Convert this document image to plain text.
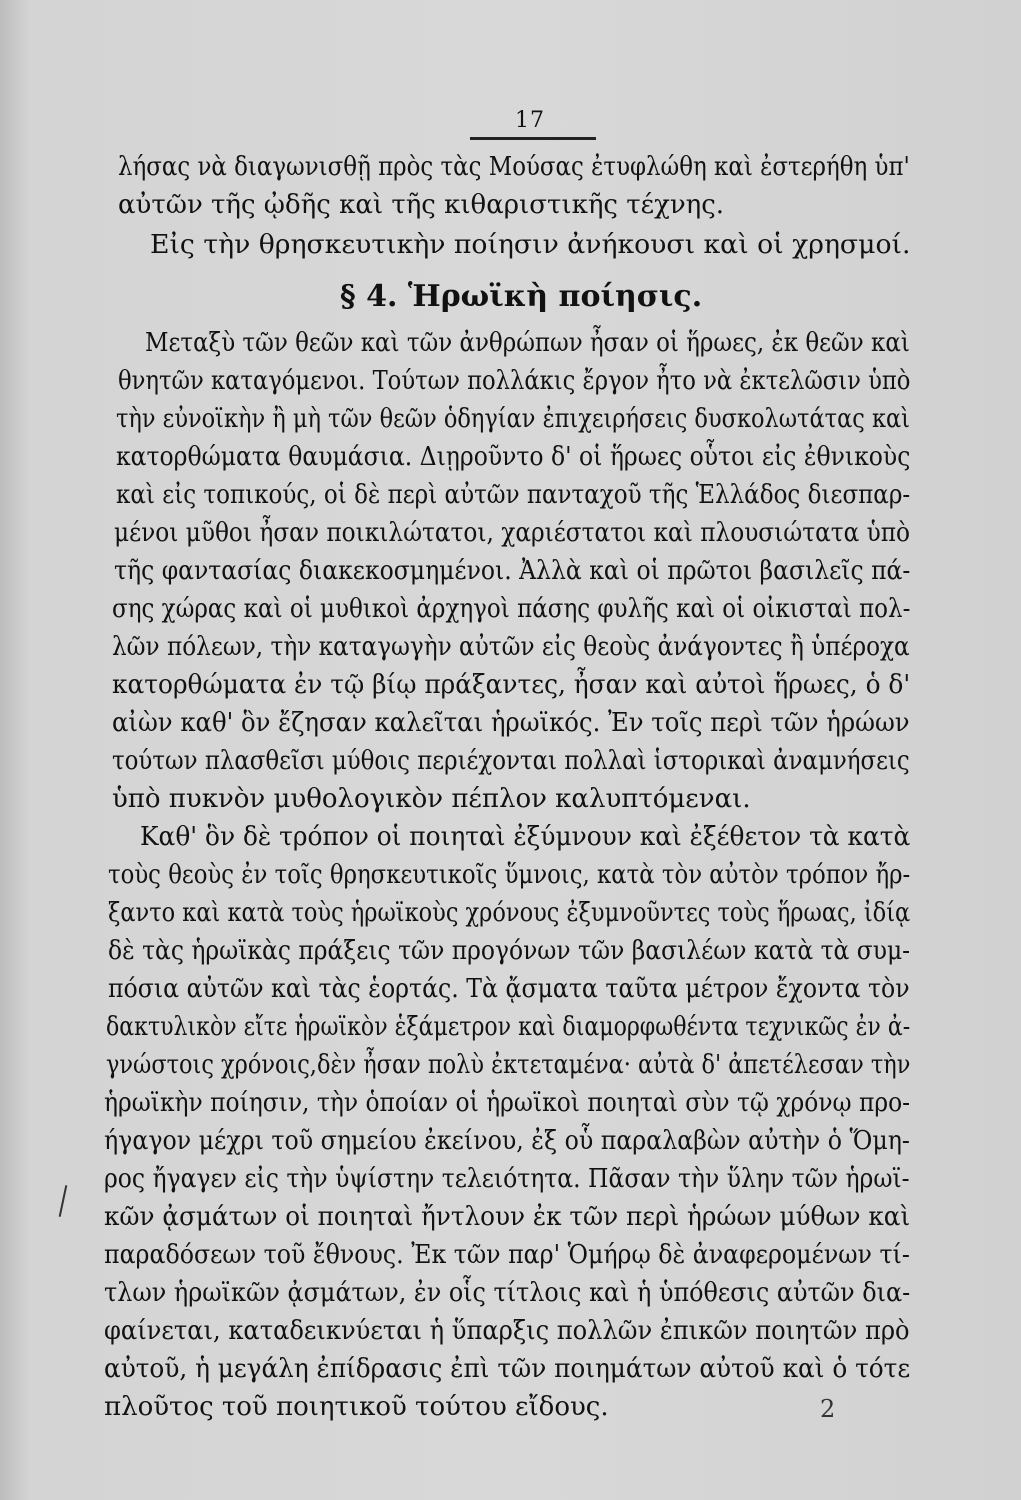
17
λήσας νὰ διαγωνισθῇ πρὸς τὰς Μούσας ἐτυφλώθη καὶ ἐστερήθη ὑπ'
αὐτῶν τῆς ᾠδῆς καὶ τῆς κιθαριστικῆς τέχνης.
Εἰς τὴν θρησκευτικὴν ποίησιν ἀνήκουσι καὶ οἱ χρησμοί.
§ 4. Ἡρωϊκὴ ποίησις.
Μεταξὺ τῶν θεῶν καὶ τῶν ἀνθρώπων ἦσαν οἱ ἥρωες, ἐκ θεῶν καὶ
θνητῶν καταγόμενοι. Τούτων πολλάκις ἔργον ἦτο νὰ ἐκτελῶσιν ὑπὸ
τὴν εὐνοϊκὴν ἢ μὴ τῶν θεῶν ὁδηγίαν ἐπιχειρήσεις δυσκολωτάτας καὶ
κατορθώματα θαυμάσια. Διῃροῦντο δ' οἱ ἥρωες οὗτοι εἰς ἐθνικοὺς
καὶ εἰς τοπικούς, οἱ δὲ περὶ αὐτῶν πανταχοῦ τῆς Ἑλλάδος διεσπαρ-
μένοι μῦθοι ἦσαν ποικιλώτατοι, χαριέστατοι καὶ πλουσιώτατα ὑπὸ
τῆς φαντασίας διακεκοσμημένοι. Ἀλλὰ καὶ οἱ πρῶτοι βασιλεῖς πά-
σης χώρας καὶ οἱ μυθικοὶ ἀρχηγοὶ πάσης φυλῆς καὶ οἱ οἰκισταὶ πολ-
λῶν πόλεων, τὴν καταγωγὴν αὐτῶν εἰς θεοὺς ἀνάγοντες ἢ ὑπέροχα
κατορθώματα ἐν τῷ βίῳ πράξαντες, ἦσαν καὶ αὐτοὶ ἥρωες, ὁ δ'
αἰὼν καθ' ὃν ἔζησαν καλεῖται ἡρωϊκός. Ἐν τοῖς περὶ τῶν ἡρώων
τούτων πλασθεῖσι μύθοις περιέχονται πολλαὶ ἱστορικαὶ ἀναμνήσεις
ὑπὸ πυκνὸν μυθολογικὸν πέπλον καλυπτόμεναι.
Καθ' ὃν δὲ τρόπον οἱ ποιηταὶ ἐξύμνουν καὶ ἐξέθετον τὰ κατὰ
τοὺς θεοὺς ἐν τοῖς θρησκευτικοῖς ὕμνοις, κατὰ τὸν αὐτὸν τρόπον ἤρ-
ξαντο καὶ κατὰ τοὺς ἡρωϊκοὺς χρόνους ἐξυμνοῦντες τοὺς ἥρωας, ἰδίᾳ
δὲ τὰς ἡρωϊκὰς πράξεις τῶν προγόνων τῶν βασιλέων κατὰ τὰ συμ-
πόσια αὐτῶν καὶ τὰς ἑορτάς. Τὰ ᾄσματα ταῦτα μέτρον ἔχοντα τὸν
δακτυλικὸν εἴτε ἡρωϊκὸν ἑξάμετρον καὶ διαμορφωθέντα τεχνικῶς ἐν ἀ-
γνώστοις χρόνοις,δὲν ἦσαν πολὺ ἐκτεταμένα· αὐτὰ δ' ἀπετέλεσαν τὴν
ἡρωϊκὴν ποίησιν, τὴν ὁποίαν οἱ ἡρωϊκοὶ ποιηταὶ σὺν τῷ χρόνῳ προ-
ήγαγον μέχρι τοῦ σημείου ἐκείνου, ἐξ οὗ παραλαβὼν αὐτὴν ὁ Ὅμη-
ρος ἤγαγεν εἰς τὴν ὑψίστην τελειότητα. Πᾶσαν τὴν ὕλην τῶν ἡρωϊ-
κῶν ᾀσμάτων οἱ ποιηταὶ ἤντλουν ἐκ τῶν περὶ ἡρώων μύθων καὶ
παραδόσεων τοῦ ἔθνους. Ἐκ τῶν παρ' Ὁμήρῳ δὲ ἀναφερομένων τί-
τλων ἡρωϊκῶν ᾀσμάτων, ἐν οἷς τίτλοις καὶ ἡ ὑπόθεσις αὐτῶν δια-
φαίνεται, καταδεικνύεται ἡ ὕπαρξις πολλῶν ἐπικῶν ποιητῶν πρὸ
αὐτοῦ, ἡ μεγάλη ἐπίδρασις ἐπὶ τῶν ποιημάτων αὐτοῦ καὶ ὁ τότε
πλοῦτος τοῦ ποιητικοῦ τούτου εἴδους.	2
